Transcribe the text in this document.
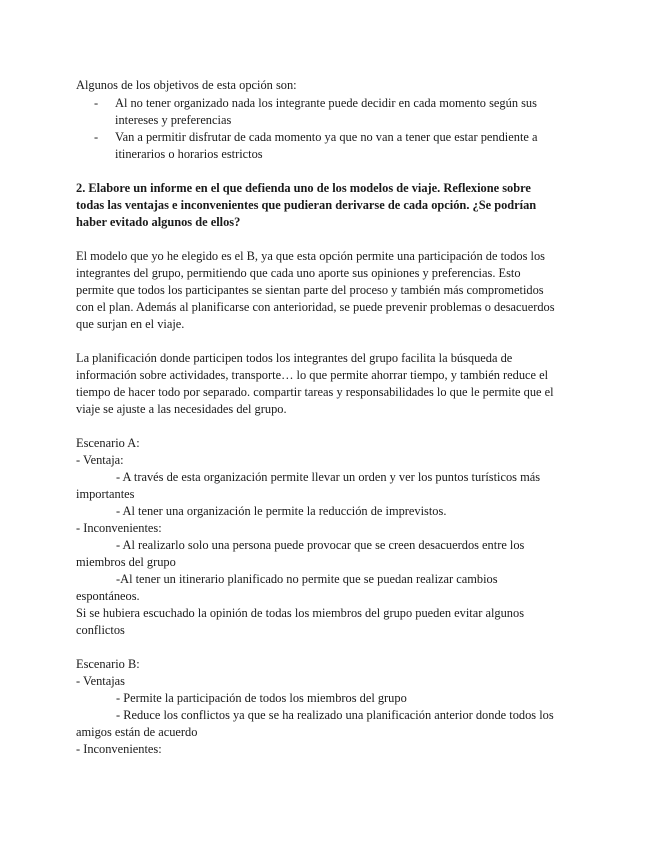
Algunos de los objetivos de esta opción son:
- Al no tener organizado nada los integrante puede decidir en cada momento según sus
intereses y preferencias
- Van a permitir disfrutar de cada momento ya que no van a tener que estar pendiente a
itinerarios o horarios estrictos
2. Elabore un informe en el que defienda uno de los modelos de viaje. Reflexione sobre
todas las ventajas e inconvenientes que pudieran derivarse de cada opción. ¿Se podrían
haber evitado algunos de ellos?
El modelo que yo he elegido es el B, ya que esta opción permite una participación de todos los
integrantes del grupo, permitiendo que cada uno aporte sus opiniones y preferencias. Esto
permite que todos los participantes se sientan parte del proceso y también más comprometidos
con el plan. Además al planificarse con anterioridad, se puede prevenir problemas o desacuerdos
que surjan en el viaje.
La planificación donde participen todos los integrantes del grupo facilita la búsqueda de
información sobre actividades, transporte… lo que permite ahorrar tiempo, y también reduce el
tiempo de hacer todo por separado. compartir tareas y responsabilidades lo que le permite que el
viaje se ajuste a las necesidades del grupo.
Escenario A:
- Ventaja:
- A través de esta organización permite llevar un orden y ver los puntos turísticos más
importantes
- Al tener una organización le permite la reducción de imprevistos.
- Inconvenientes:
- Al realizarlo solo una persona puede provocar que se creen desacuerdos entre los
miembros del grupo
-Al tener un itinerario planificado no permite que se puedan realizar cambios
espontáneos.
Si se hubiera escuchado la opinión de todas los miembros del grupo pueden evitar algunos
conflictos
Escenario B:
- Ventajas
- Permite la participación de todos los miembros del grupo
- Reduce los conflictos ya que se ha realizado una planificación anterior donde todos los
amigos están de acuerdo
- Inconvenientes:
